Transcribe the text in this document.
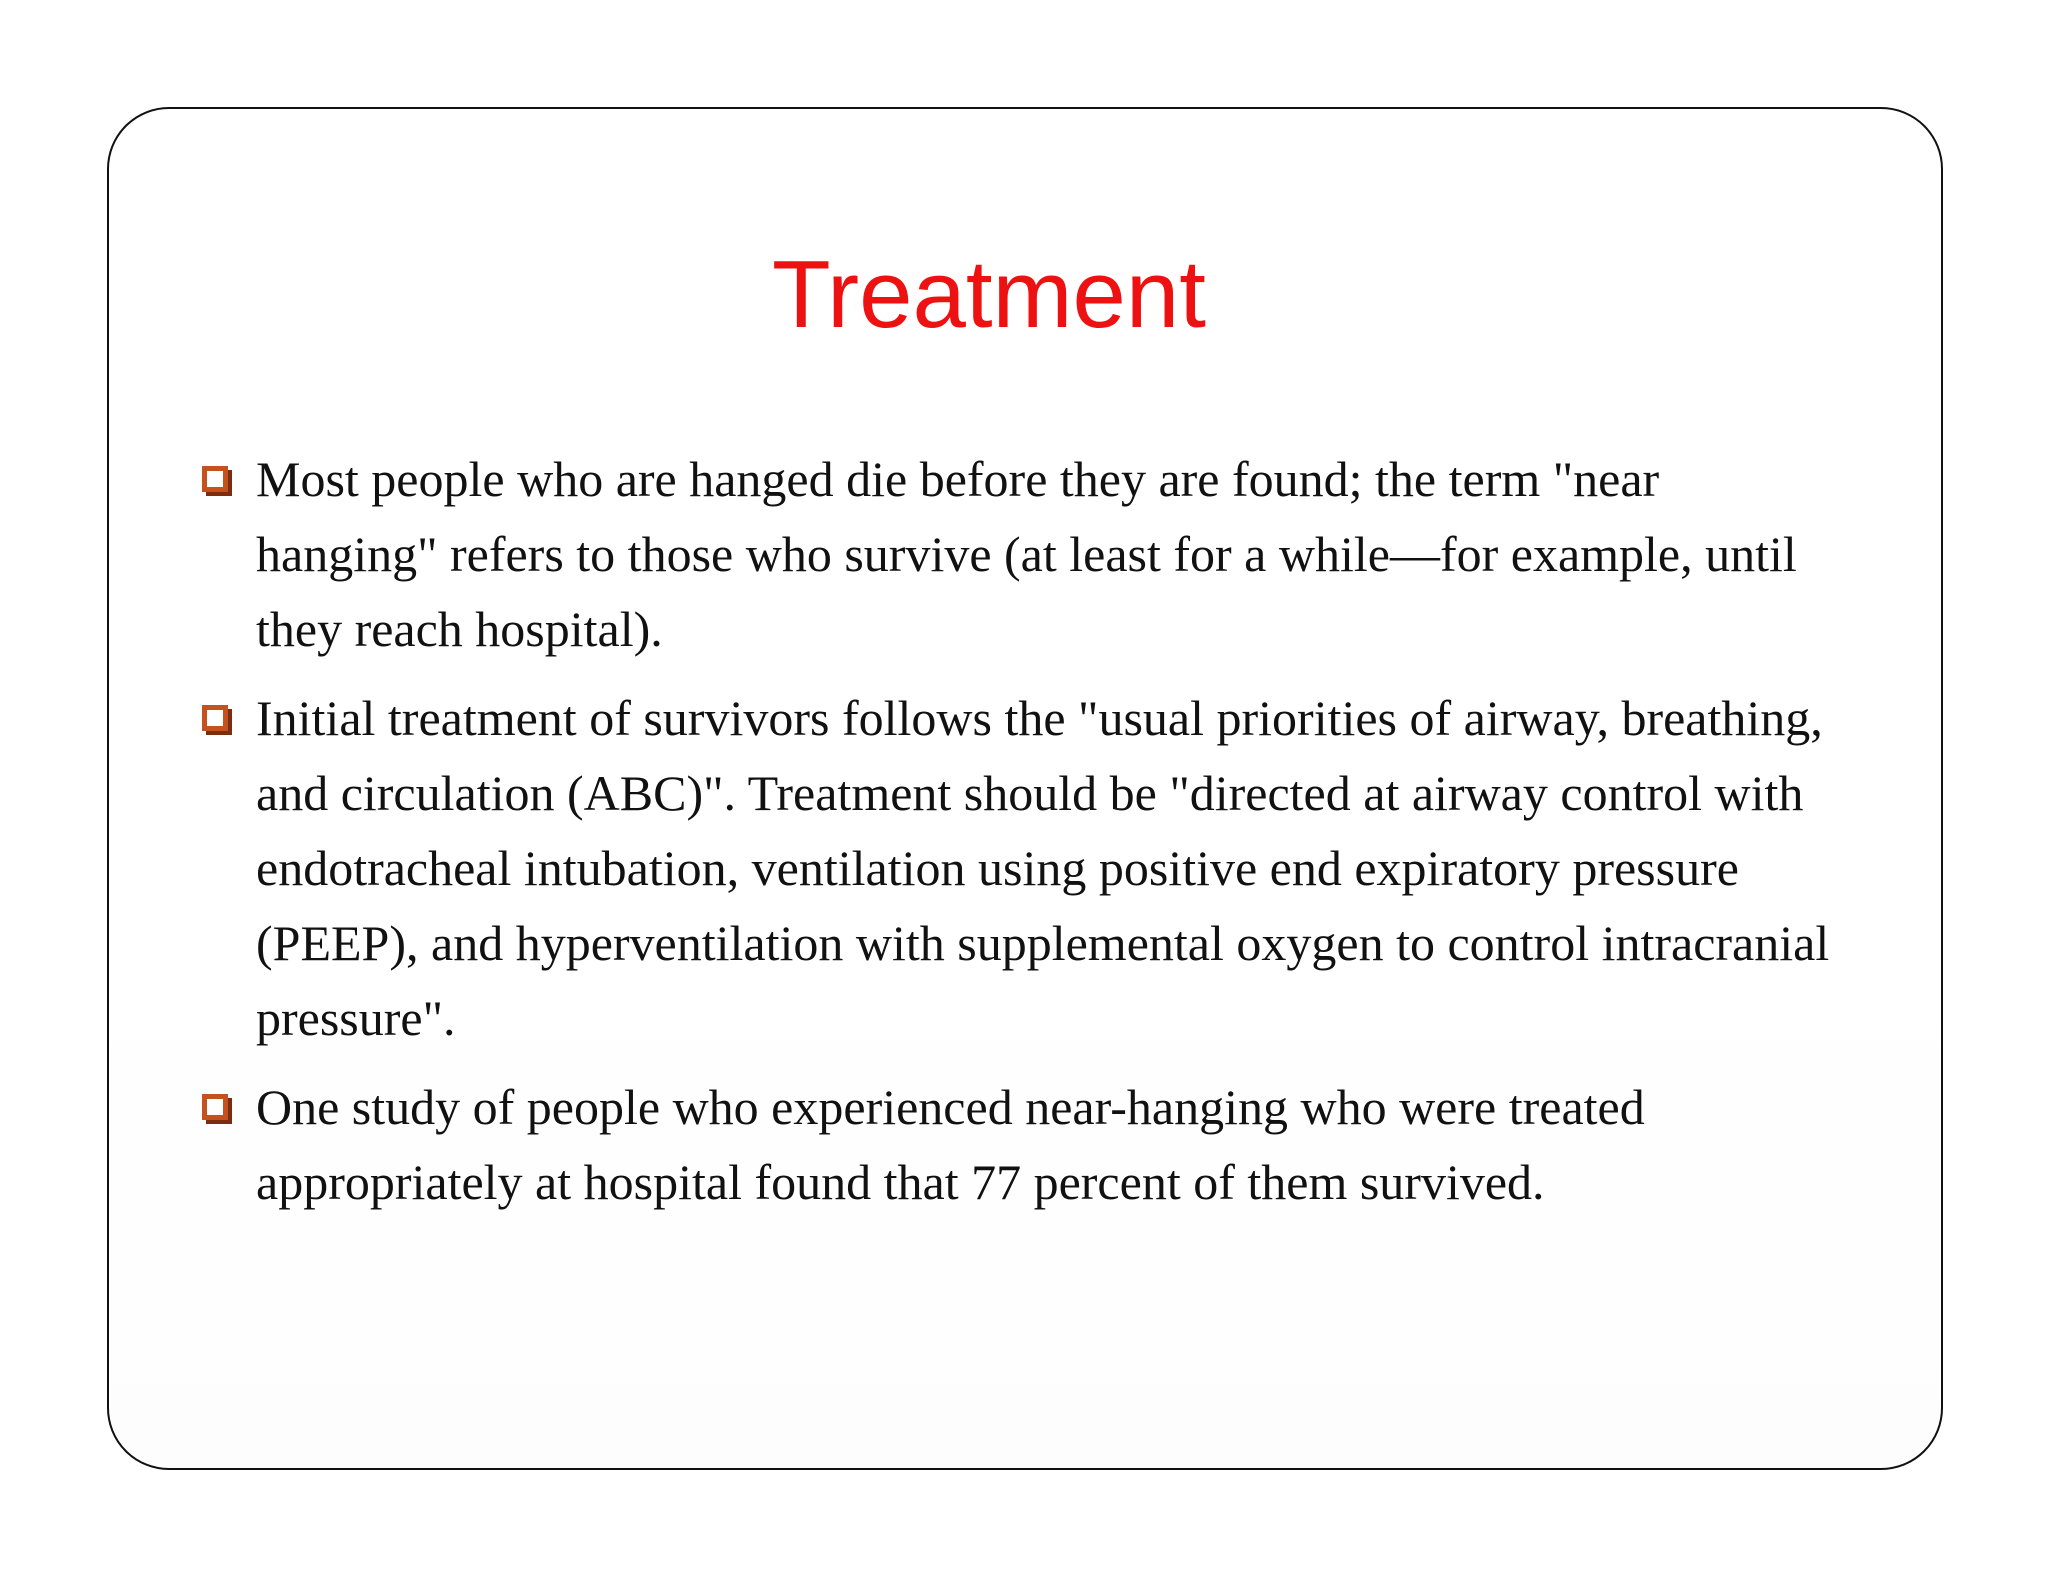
Treatment
Most people who are hanged die before they are found; the term "near hanging" refers to those who survive (at least for a while—for example, until they reach hospital).
Initial treatment of survivors follows the "usual priorities of airway, breathing, and circulation (ABC)". Treatment should be "directed at airway control with endotracheal intubation, ventilation using positive end expiratory pressure (PEEP), and hyperventilation with supplemental oxygen to control intracranial pressure".
One study of people who experienced near-hanging who were treated appropriately at hospital found that 77 percent of them survived.
